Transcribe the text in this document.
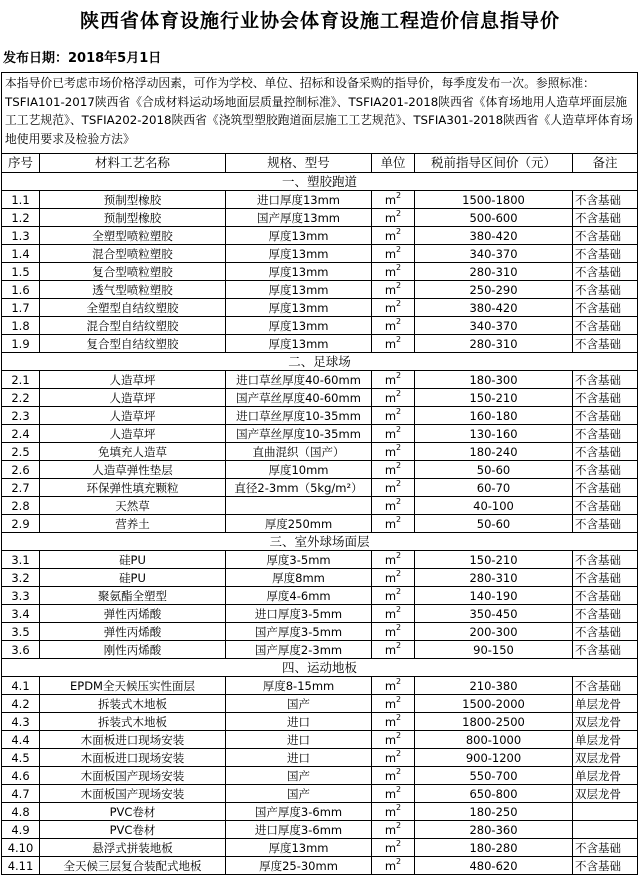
陕西省体育设施行业协会体育设施工程造价信息指导价
发布日期：2018年5月1日
本指导价已考虑市场价格浮动因素，可作为学校、单位、招标和设备采购的指导价，每季度发布一次。参照标准：TSFIA101-2017陕西省《合成材料运动场地面层质量控制标准》、TSFIA201-2018陕西省《体育场地用人造草坪面层施工工艺规范》、TSFIA202-2018陕西省《浇筑型塑胶跑道面层施工工艺规范》、TSFIA301-2018陕西省《人造草坪体育场地使用要求及检验方法》					
序号	材料工艺名称	规格、型号	单位	税前指导区间价（元）	备注
一、塑胶跑道					
1.1	预制型橡胶	进口厚度13mm	$m^2$	1500-1800	不含基础
1.2	预制型橡胶	国产厚度13mm	$m^2$	500-600	不含基础
1.3	全塑型喷粒塑胶	厚度13mm	$m^2$	380-420	不含基础
1.4	混合型喷粒塑胶	厚度13mm	$m^2$	340-370	不含基础
1.5	复合型喷粒塑胶	厚度13mm	$m^2$	280-310	不含基础
1.6	透气型喷粒塑胶	厚度13mm	$m^2$	250-290	不含基础
1.7	全塑型自结纹塑胶	厚度13mm	$m^2$	380-420	不含基础
1.8	混合型自结纹塑胶	厚度13mm	$m^2$	340-370	不含基础
1.9	复合型自结纹塑胶	厚度13mm	$m^2$	280-310	不含基础
二、足球场					
2.1	人造草坪	进口草丝厚度40-60mm	$m^2$	180-300	不含基础
2.2	人造草坪	国产草丝厚度40-60mm	$m^2$	150-210	不含基础
2.3	人造草坪	进口草丝厚度10-35mm	$m^2$	160-180	不含基础
2.4	人造草坪	国产草丝厚度10-35mm	$m^2$	130-160	不含基础
2.5	免填充人造草	直曲混织（国产）	$m^2$	180-240	不含基础
2.6	人造草弹性垫层	厚度10mm	$m^2$	50-60	不含基础
2.7	环保弹性填充颗粒	直径2-3mm（5kg/m²）	$m^2$	60-70	不含基础
2.8	天然草		$m^2$	40-100	不含基础
2.9	营养土	厚度250mm	$m^2$	50-60	不含基础
三、室外球场面层					
3.1	硅PU	厚度3-5mm	$m^2$	150-210	不含基础
3.2	硅PU	厚度8mm	$m^2$	280-310	不含基础
3.3	聚氨酯全塑型	厚度4-6mm	$m^2$	140-190	不含基础
3.4	弹性丙烯酸	进口厚度3-5mm	$m^2$	350-450	不含基础
3.5	弹性丙烯酸	国产厚度3-5mm	$m^2$	200-300	不含基础
3.6	刚性丙烯酸	国产厚度2-3mm	$m^2$	90-150	不含基础
四、运动地板					
4.1	EPDM全天候压实性面层	厚度8-15mm	$m^2$	210-380	不含基础
4.2	拆装式木地板	国产	$m^2$	1500-2000	单层龙骨
4.3	拆装式木地板	进口	$m^2$	1800-2500	双层龙骨
4.4	木面板进口现场安装	进口	$m^2$	800-1000	单层龙骨
4.5	木面板进口现场安装	进口	$m^2$	900-1200	双层龙骨
4.6	木面板国产现场安装	国产	$m^2$	550-700	单层龙骨
4.7	木面板国产现场安装	国产	$m^2$	650-800	双层龙骨
4.8	PVC卷材	国产厚度3-6mm	$m^2$	180-250	
4.9	PVC卷材	进口厚度3-6mm	$m^2$	280-360	
4.10	悬浮式拼装地板	厚度13mm	$m^2$	180-280	不含基础
4.11	全天候三层复合装配式地板	厚度25-30mm	$m^2$	480-620	不含基础
